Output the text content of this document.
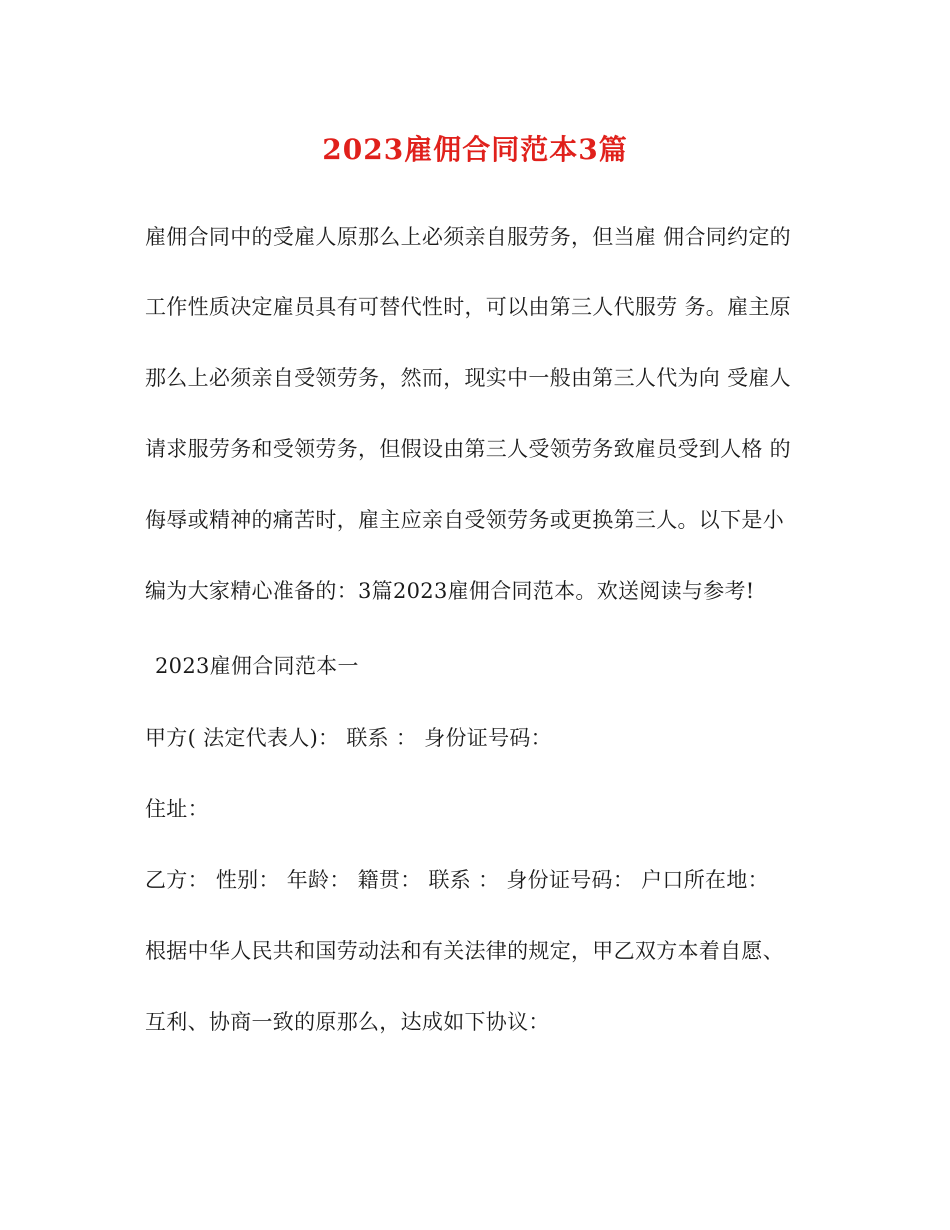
2023雇佣合同范本3篇
雇佣合同中的受雇人原那么上必须亲自服劳务，但当雇 佣合同约定的
工作性质决定雇员具有可替代性时，可以由第三人代服劳 务。雇主原
那么上必须亲自受领劳务，然而，现实中一般由第三人代为向 受雇人
请求服劳务和受领劳务，但假设由第三人受领劳务致雇员受到人格 的
侮辱或精神的痛苦时，雇主应亲自受领劳务或更换第三人。以下是小
编为大家精心准备的：3篇2023雇佣合同范本。欢送阅读与参考!
2023雇佣合同范本一
甲方( 法定代表人)： 联系 ： 身份证号码：
住址：
乙方： 性别： 年龄： 籍贯： 联系 ： 身份证号码： 户口所在地：
根据中华人民共和国劳动法和有关法律的规定，甲乙双方本着自愿、
互利、协商一致的原那么，达成如下协议：
